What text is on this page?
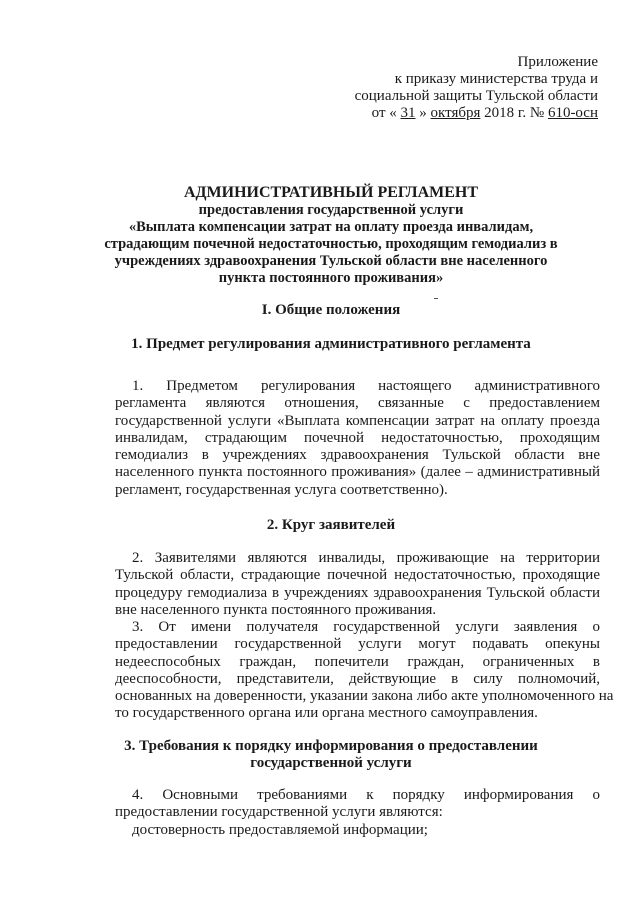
Приложение
к приказу министерства труда и
социальной защиты Тульской области
от « 31 » октября 2018 г. № 610-осн
АДМИНИСТРАТИВНЫЙ РЕГЛАМЕНТ
предоставления государственной услуги
«Выплата компенсации затрат на оплату проезда инвалидам,
страдающим почечной недостаточностью, проходящим гемодиализ в
учреждениях здравоохранения Тульской области вне населенного
пункта постоянного проживания»
I. Общие положения
1. Предмет регулирования административного регламента
1. Предметом регулирования настоящего административного
регламента являются отношения, связанные с предоставлением
государственной услуги «Выплата компенсации затрат на оплату проезда
инвалидам, страдающим почечной недостаточностью, проходящим
гемодиализ в учреждениях здравоохранения Тульской области вне
населенного пункта постоянного проживания» (далее – административный
регламент, государственная услуга соответственно).
2. Круг заявителей
2. Заявителями являются инвалиды, проживающие на территории
Тульской области, страдающие почечной недостаточностью, проходящие
процедуру гемодиализа в учреждениях здравоохранения Тульской области
вне населенного пункта постоянного проживания.
3. От имени получателя государственной услуги заявления о
предоставлении государственной услуги могут подавать опекуны
недееспособных граждан, попечители граждан, ограниченных в
дееспособности, представители, действующие в силу полномочий,
основанных на доверенности, указании закона либо акте уполномоченного на
то государственного органа или органа местного самоуправления.
3. Требования к порядку информирования о предоставлении
государственной услуги
4. Основными требованиями к порядку информирования о
предоставлении государственной услуги являются:
достоверность предоставляемой информации;
